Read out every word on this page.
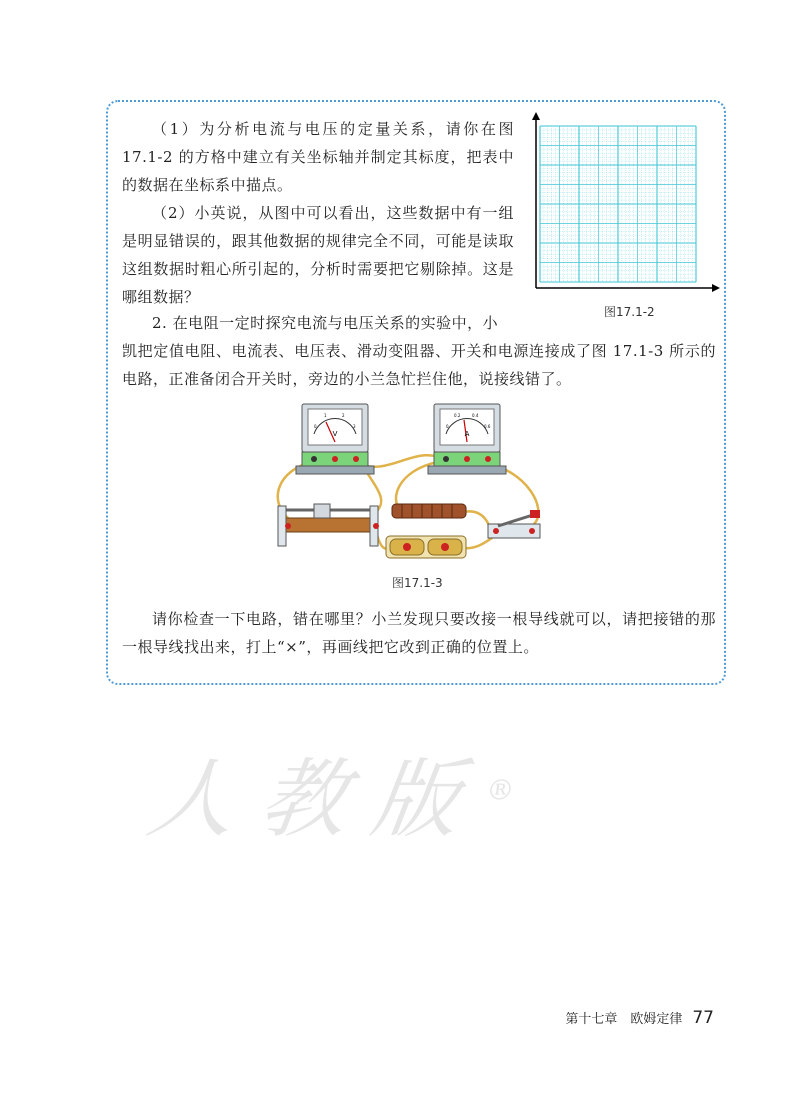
（1）为分析电流与电压的定量关系，请你在图 17.1-2 的方格中建立有关坐标轴并制定其标度，把表中的数据在坐标系中描点。

（2）小英说，从图中可以看出，这些数据中有一组是明显错误的，跟其他数据的规律完全不同，可能是读取这组数据时粗心所引起的，分析时需要把它剔除掉。这是哪组数据？

2. 在电阻一定时探究电流与电压关系的实验中，小

凯把定值电阻、电流表、电压表、滑动变阻器、开关和电源连接成了图 17.1-3 所示的电路，正准备闭合开关时，旁边的小兰急忙拦住他，说接线错了。

请你检查一下电路，错在哪里？小兰发现只要改接一根导线就可以，请把接错的那一根导线找出来，打上“×”，再画线把它改到正确的位置上。

图17.1-2
V
0
1	2
3
A
0
0.2	0.4
0.6
图17.1-3
人教版®
第十七章　欧姆定律 77
